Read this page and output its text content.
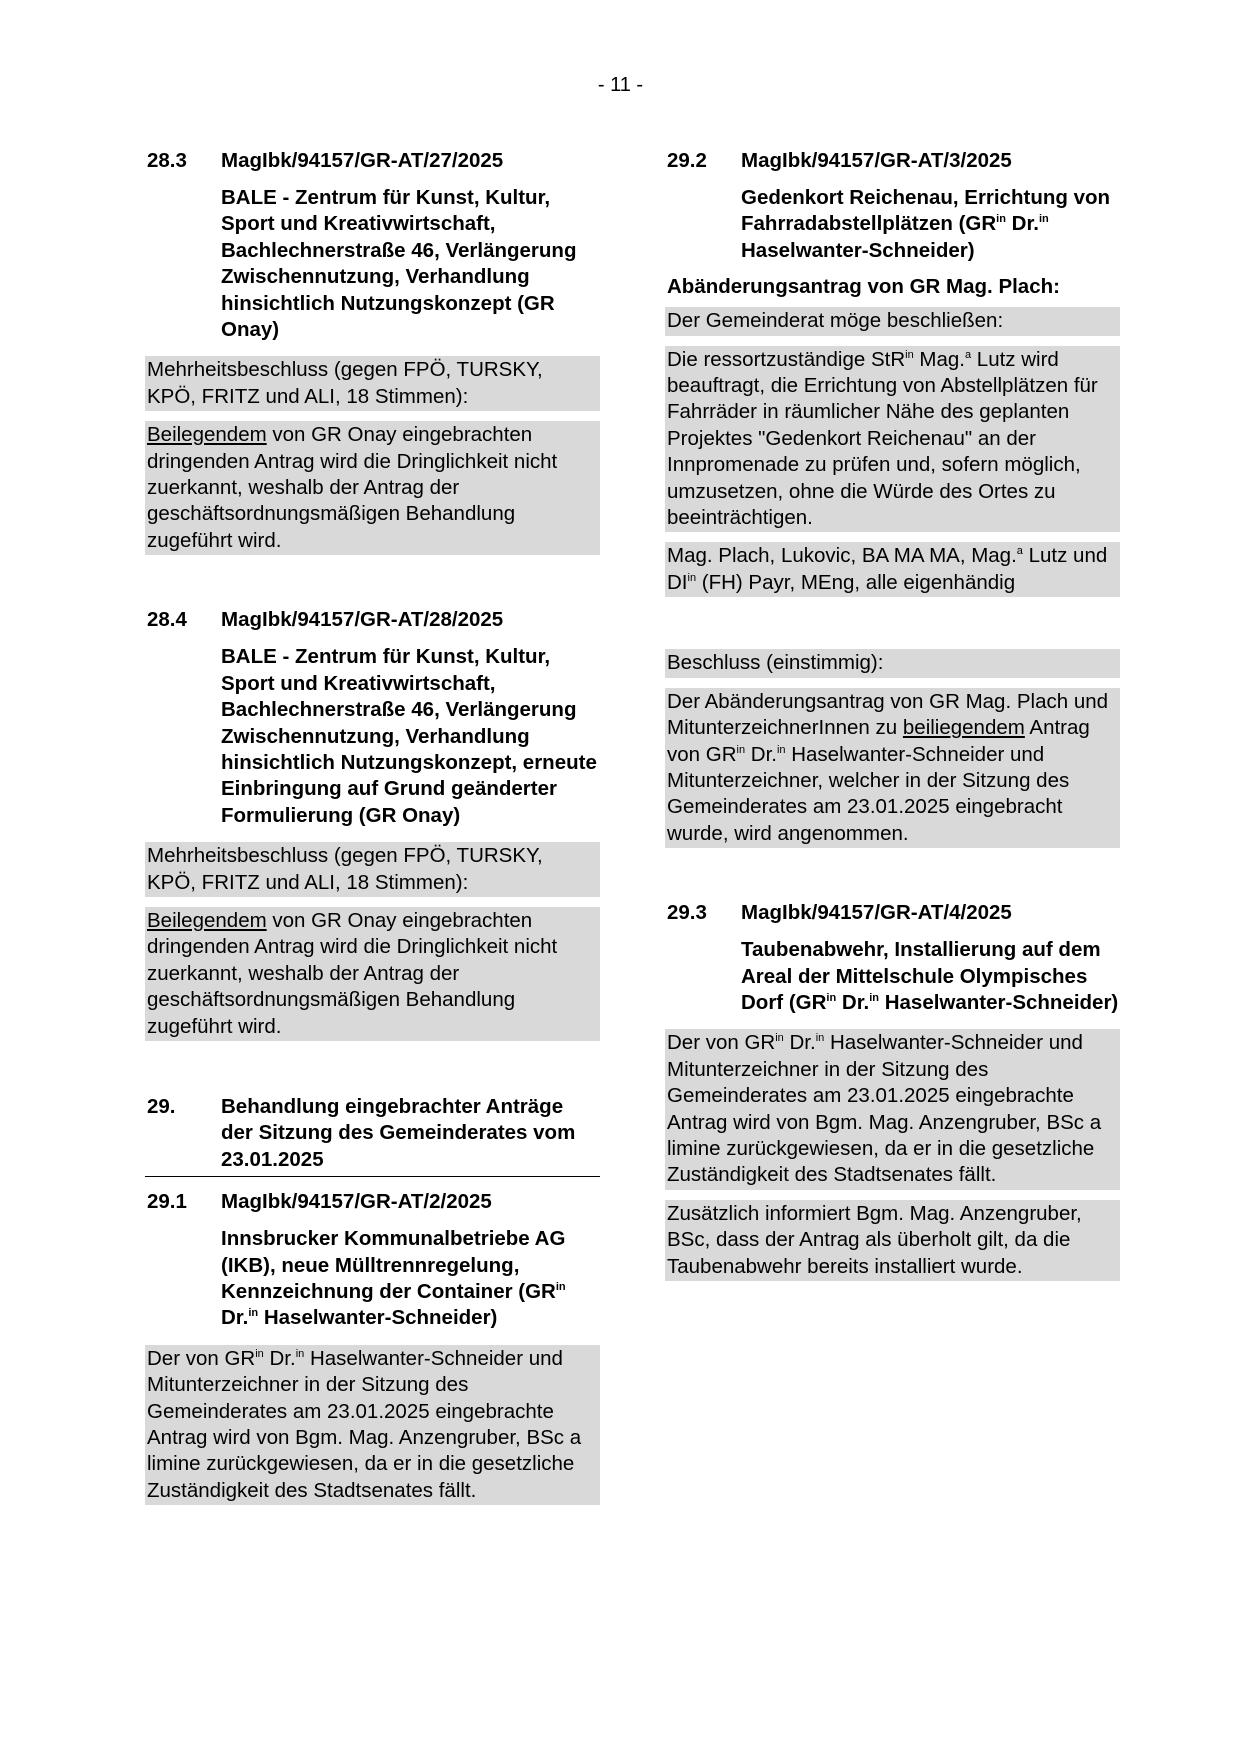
- 11 -
28.3	MagIbk/94157/GR-AT/27/2025
BALE - Zentrum für Kunst, Kultur, Sport und Kreativwirtschaft, Bachlechnerstraße 46, Verlängerung Zwischennutzung, Verhandlung hinsichtlich Nutzungskonzept (GR Onay)
Mehrheitsbeschluss (gegen FPÖ, TURSKY, KPÖ, FRITZ und ALI, 18 Stimmen):
Beilegendem von GR Onay eingebrachten dringenden Antrag wird die Dringlichkeit nicht zuerkannt, weshalb der Antrag der geschäftsordnungsmäßigen Behandlung zugeführt wird.
28.4	MagIbk/94157/GR-AT/28/2025
BALE - Zentrum für Kunst, Kultur, Sport und Kreativwirtschaft, Bachlechnerstraße 46, Verlängerung Zwischennutzung, Verhandlung hinsichtlich Nutzungskonzept, erneute Einbringung auf Grund geänderter Formulierung (GR Onay)
Mehrheitsbeschluss (gegen FPÖ, TURSKY, KPÖ, FRITZ und ALI, 18 Stimmen):
Beilegendem von GR Onay eingebrachten dringenden Antrag wird die Dringlichkeit nicht zuerkannt, weshalb der Antrag der geschäftsordnungsmäßigen Behandlung zugeführt wird.
29.	Behandlung eingebrachter Anträge der Sitzung des Gemeinderates vom 23.01.2025
29.1	MagIbk/94157/GR-AT/2/2025
Innsbrucker Kommunalbetriebe AG (IKB), neue Mülltrennregelung, Kennzeichnung der Container ($GR^{in}$ Dr.$^{in}$ Haselwanter-Schneider)
Der von $GR^{in}$ Dr.$^{in}$ Haselwanter-Schneider und Mitunterzeichner in der Sitzung des Gemeinderates am 23.01.2025 eingebrachte Antrag wird von Bgm. Mag. Anzengruber, BSc a limine zurückgewiesen, da er in die gesetzliche Zuständigkeit des Stadtsenates fällt.
29.2	MagIbk/94157/GR-AT/3/2025
Gedenkort Reichenau, Errichtung von Fahrradabstellplätzen ($GR^{in}$ Dr.$^{in}$ Haselwanter-Schneider)
Abänderungsantrag von GR Mag. Plach:
Der Gemeinderat möge beschließen:
Die ressortzuständige StR$^{in}$ Mag.$^a$ Lutz wird beauftragt, die Errichtung von Abstellplätzen für Fahrräder in räumlicher Nähe des geplanten Projektes "Gedenkort Reichenau" an der Innpromenade zu prüfen und, sofern möglich, umzusetzen, ohne die Würde des Ortes zu beeinträchtigen.
Mag. Plach, Lukovic, BA MA MA, Mag.$^a$ Lutz und $DI^{in}$ (FH) Payr, MEng, alle eigenhändig
Beschluss (einstimmig):
Der Abänderungsantrag von GR Mag. Plach und MitunterzeichnerInnen zu beiliegendem Antrag von $GR^{in}$ Dr.$^{in}$ Haselwanter-Schneider und Mitunterzeichner, welcher in der Sitzung des Gemeinderates am 23.01.2025 eingebracht wurde, wird angenommen.
29.3	MagIbk/94157/GR-AT/4/2025
Taubenabwehr, Installierung auf dem Areal der Mittelschule Olympisches Dorf ($GR^{in}$ Dr.$^{in}$ Haselwanter-Schneider)
Der von $GR^{in}$ Dr.$^{in}$ Haselwanter-Schneider und Mitunterzeichner in der Sitzung des Gemeinderates am 23.01.2025 eingebrachte Antrag wird von Bgm. Mag. Anzengruber, BSc a limine zurückgewiesen, da er in die gesetzliche Zuständigkeit des Stadtsenates fällt.
Zusätzlich informiert Bgm. Mag. Anzengruber, BSc, dass der Antrag als überholt gilt, da die Taubenabwehr bereits installiert wurde.
